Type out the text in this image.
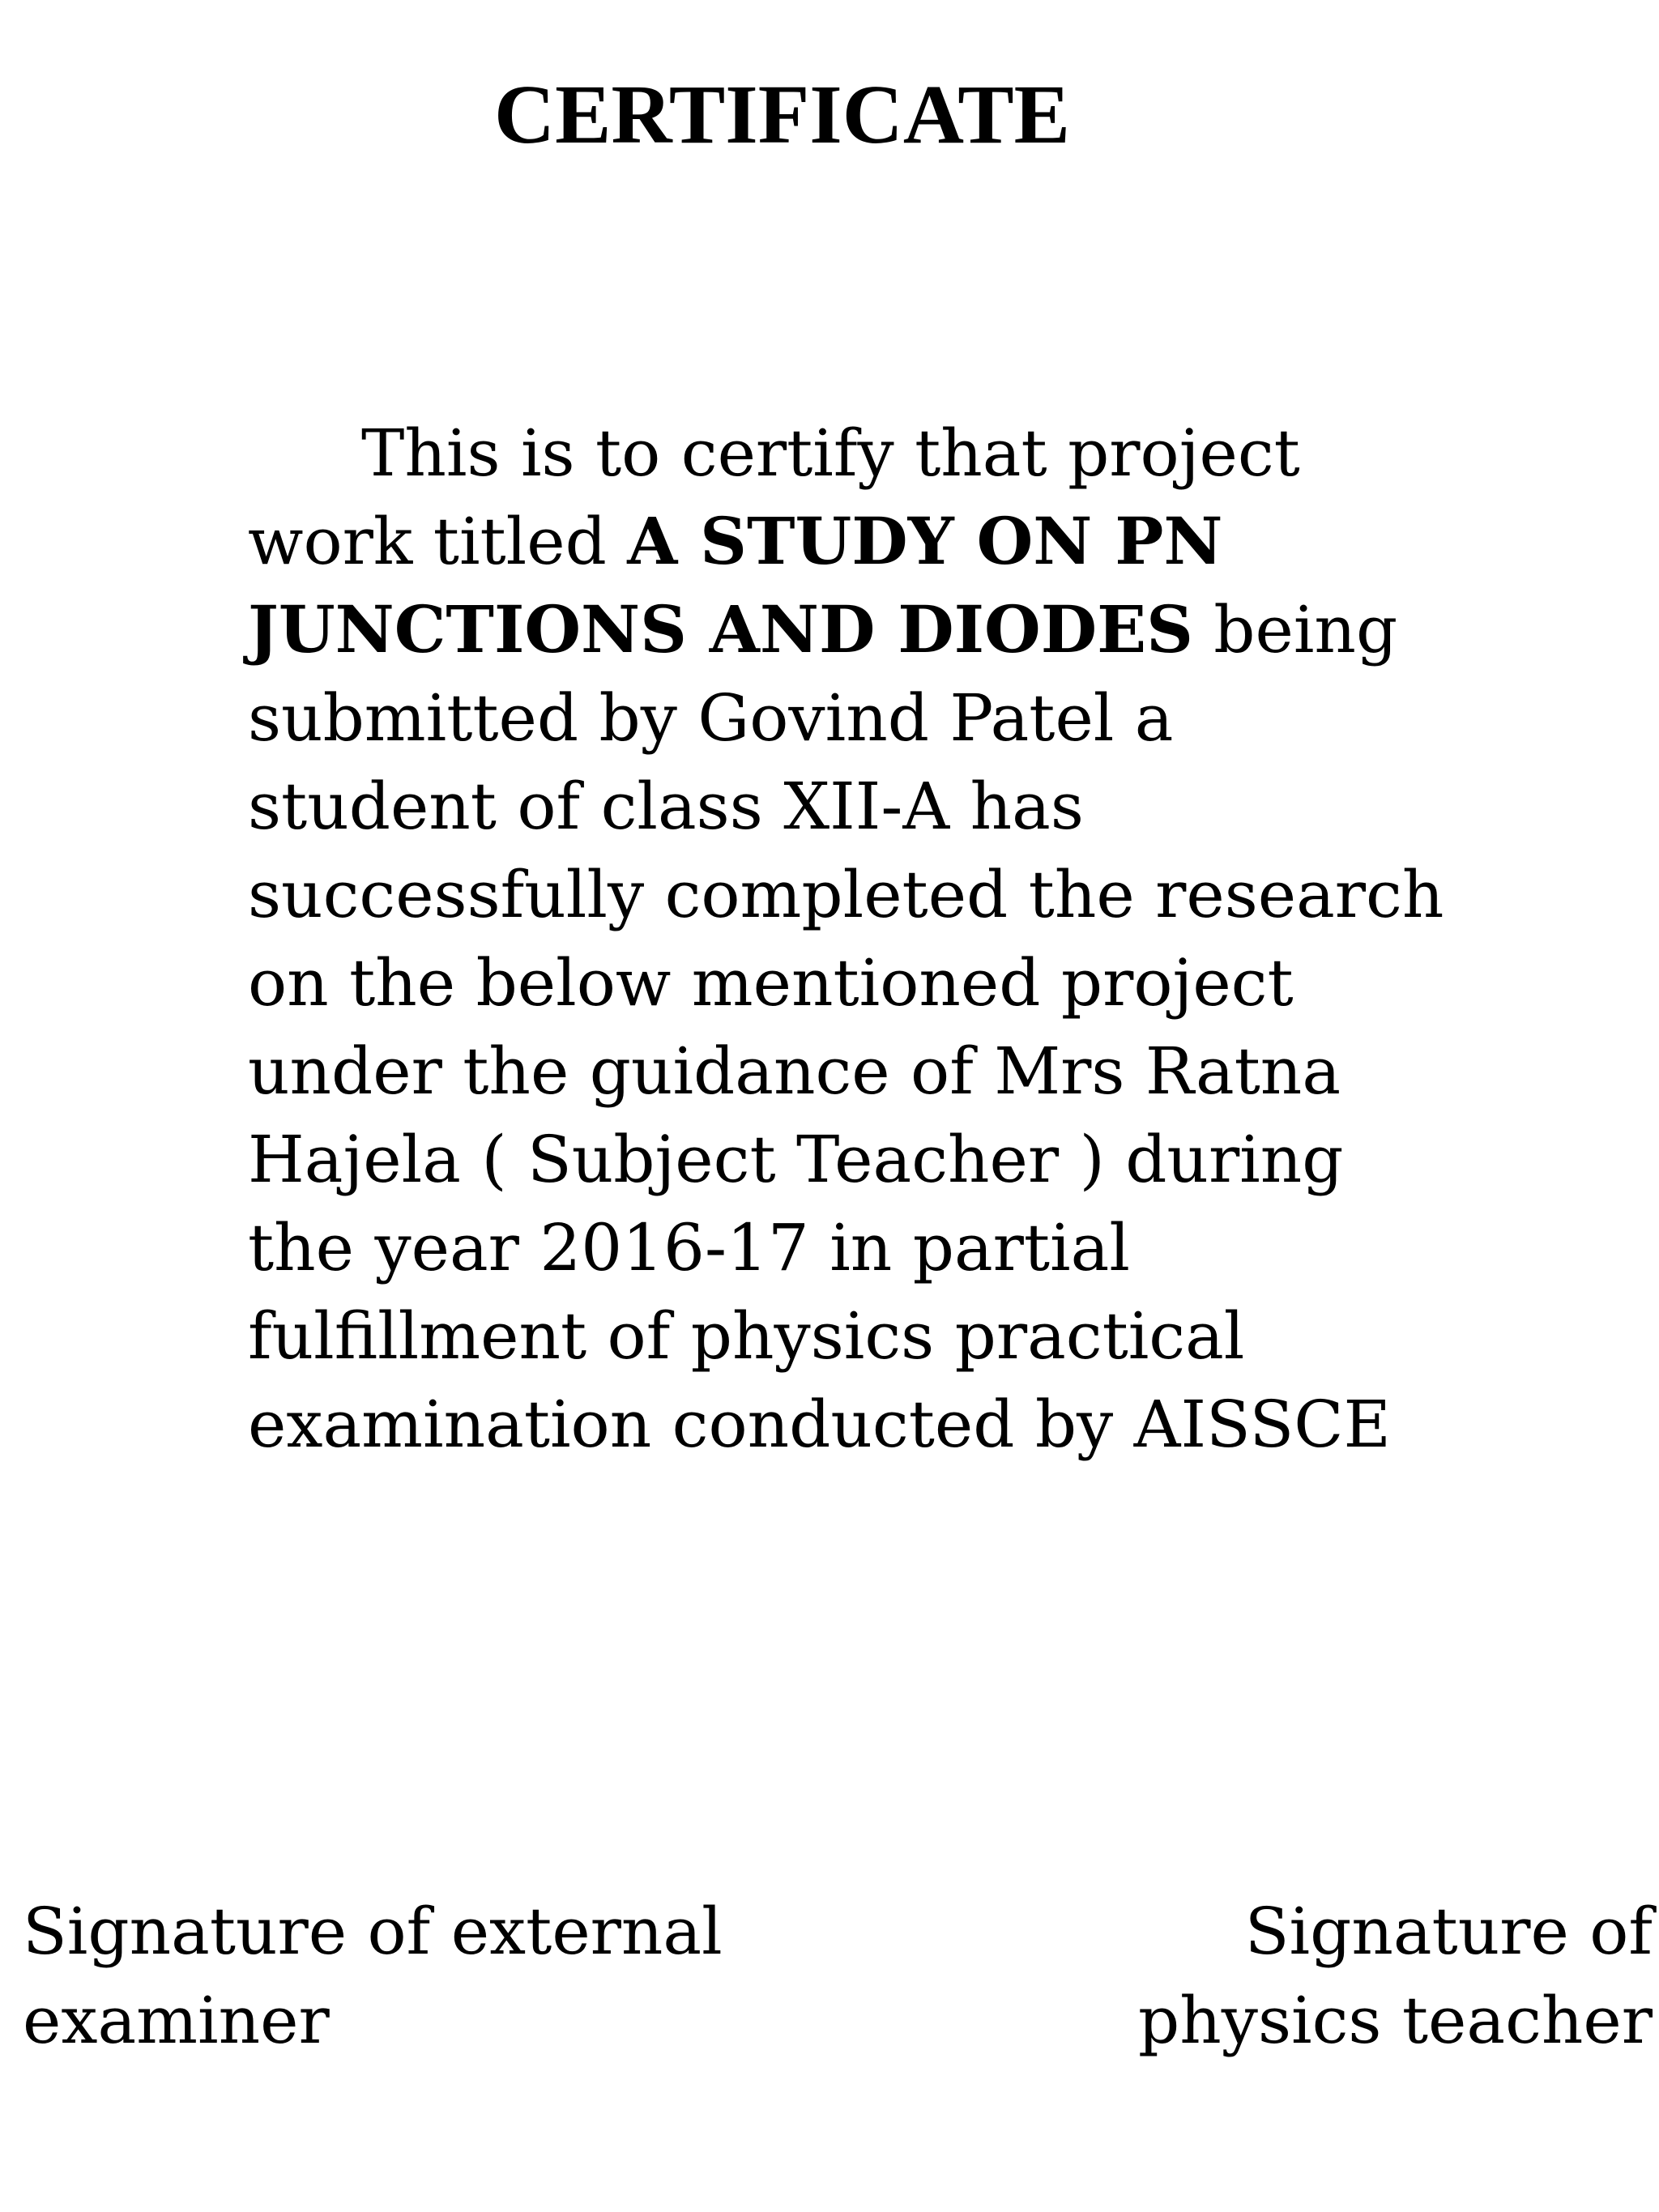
CERTIFICATE
This is to certify that project
work titled A STUDY ON PN
JUNCTIONS AND DIODES being
submitted by Govind Patel a
student of class XII-A has
successfully completed the research
on the below mentioned project
under the guidance of Mrs Ratna
Hajela ( Subject Teacher ) during
the year 2016-17 in partial
fulfillment of physics practical
examination conducted by AISSCE
Signature of external
examiner
Signature of
physics teacher
